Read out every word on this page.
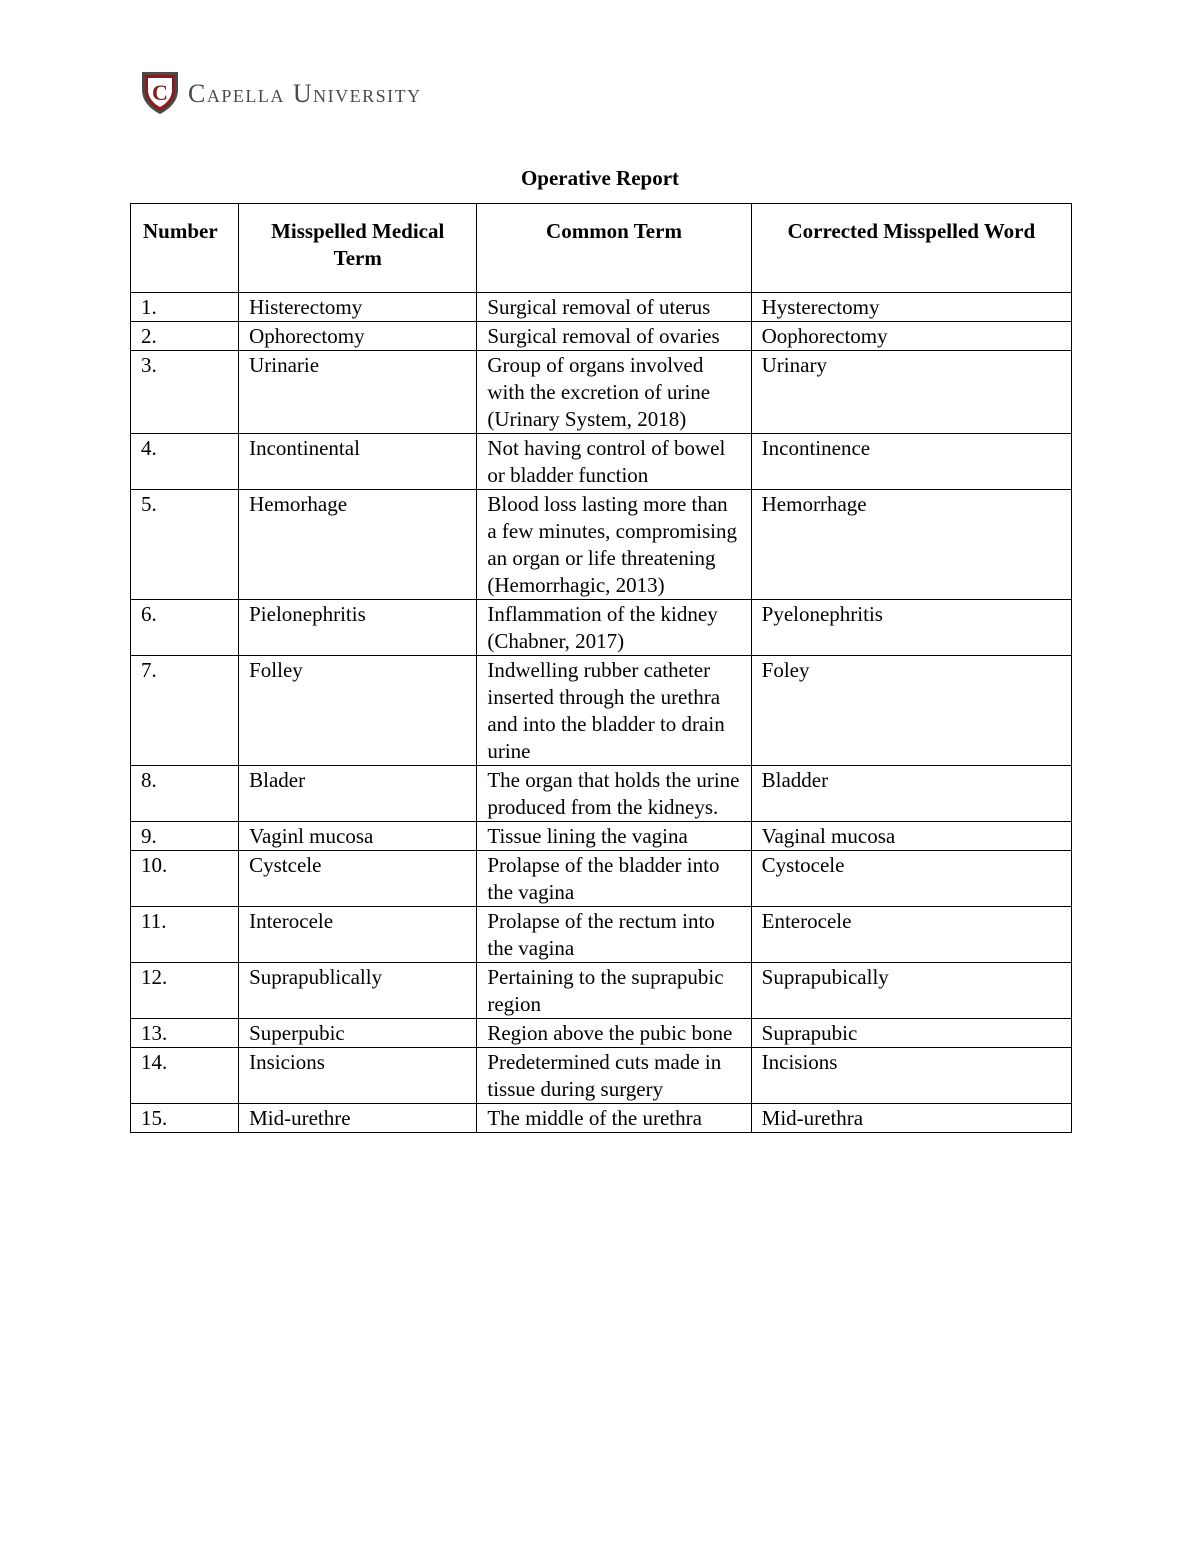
C Capella University
Operative Report
Number	Misspelled Medical Term	Common Term	Corrected Misspelled Word
1.	Histerectomy	Surgical removal of uterus	Hysterectomy
2.	Ophorectomy	Surgical removal of ovaries	Oophorectomy
3.	Urinarie	Group of organs involved with the excretion of urine (Urinary System, 2018)	Urinary
4.	Incontinental	Not having control of bowel or bladder function	Incontinence
5.	Hemorhage	Blood loss lasting more than a few minutes, compromising an organ or life threatening (Hemorrhagic, 2013)	Hemorrhage
6.	Pielonephritis	Inflammation of the kidney (Chabner, 2017)	Pyelonephritis
7.	Folley	Indwelling rubber catheter inserted through the urethra and into the bladder to drain urine	Foley
8.	Blader	The organ that holds the urine produced from the kidneys.	Bladder
9.	Vaginl mucosa	Tissue lining the vagina	Vaginal mucosa
10.	Cystcele	Prolapse of the bladder into the vagina	Cystocele
11.	Interocele	Prolapse of the rectum into the vagina	Enterocele
12.	Suprapublically	Pertaining to the suprapubic region	Suprapubically
13.	Superpubic	Region above the pubic bone	Suprapubic
14.	Insicions	Predetermined cuts made in tissue during surgery	Incisions
15.	Mid-urethre	The middle of the urethra	Mid-urethra
